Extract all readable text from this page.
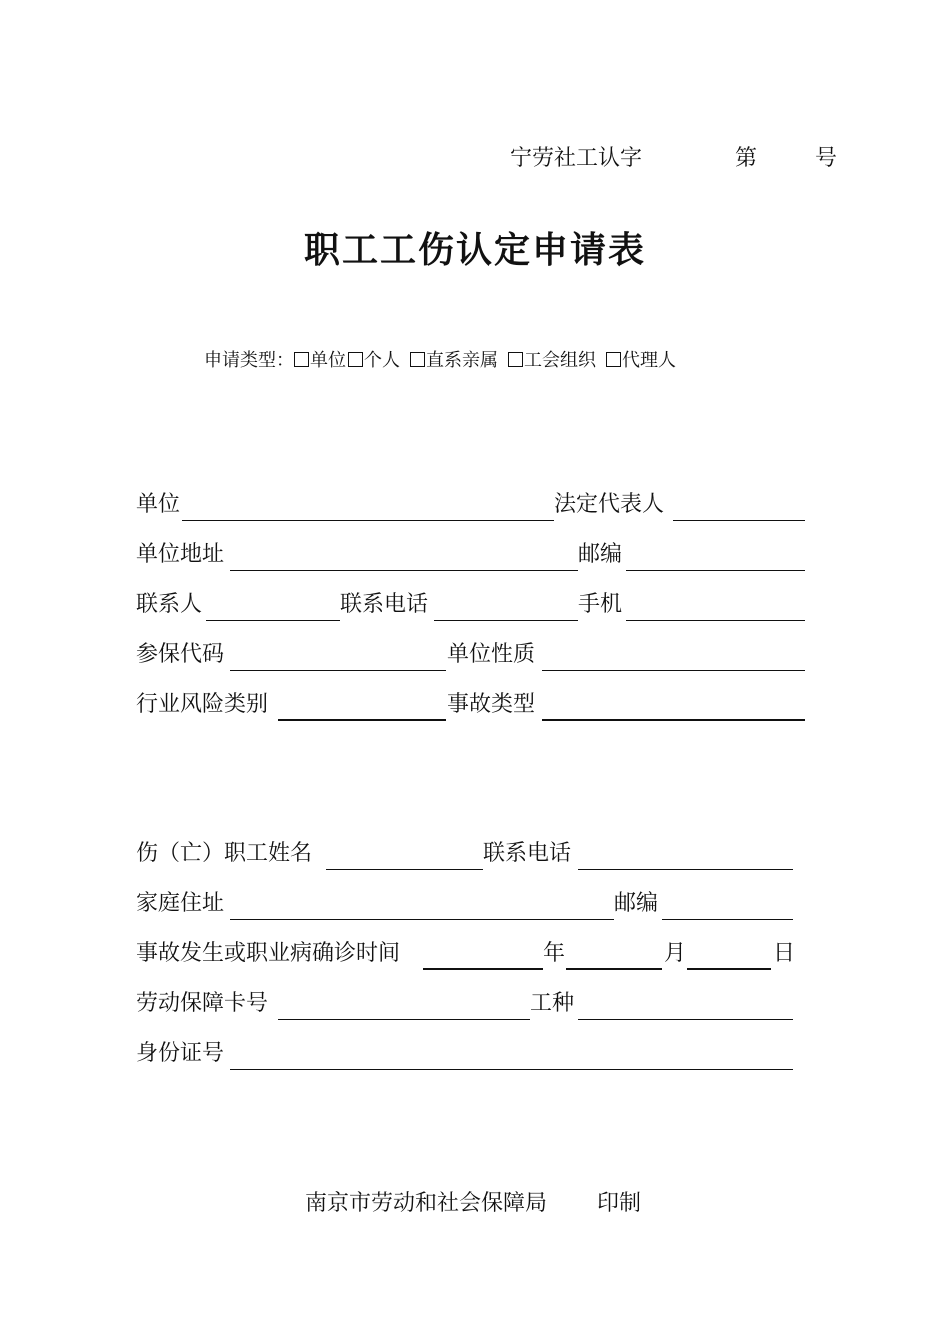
宁劳社工认字	第	号
职工工伤认定申请表
申请类型： 单位 个人 直系亲属 工会组织 代理人
单位	法定代表人
单位地址	邮编
联系人	联系电话	手机
参保代码	单位性质
行业风险类别	事故类型
伤（亡）职工姓名	联系电话
家庭住址	邮编
事故发生或职业病确诊时间	年	月	日
劳动保障卡号	工种
身份证号
南京市劳动和社会保障局 印制
